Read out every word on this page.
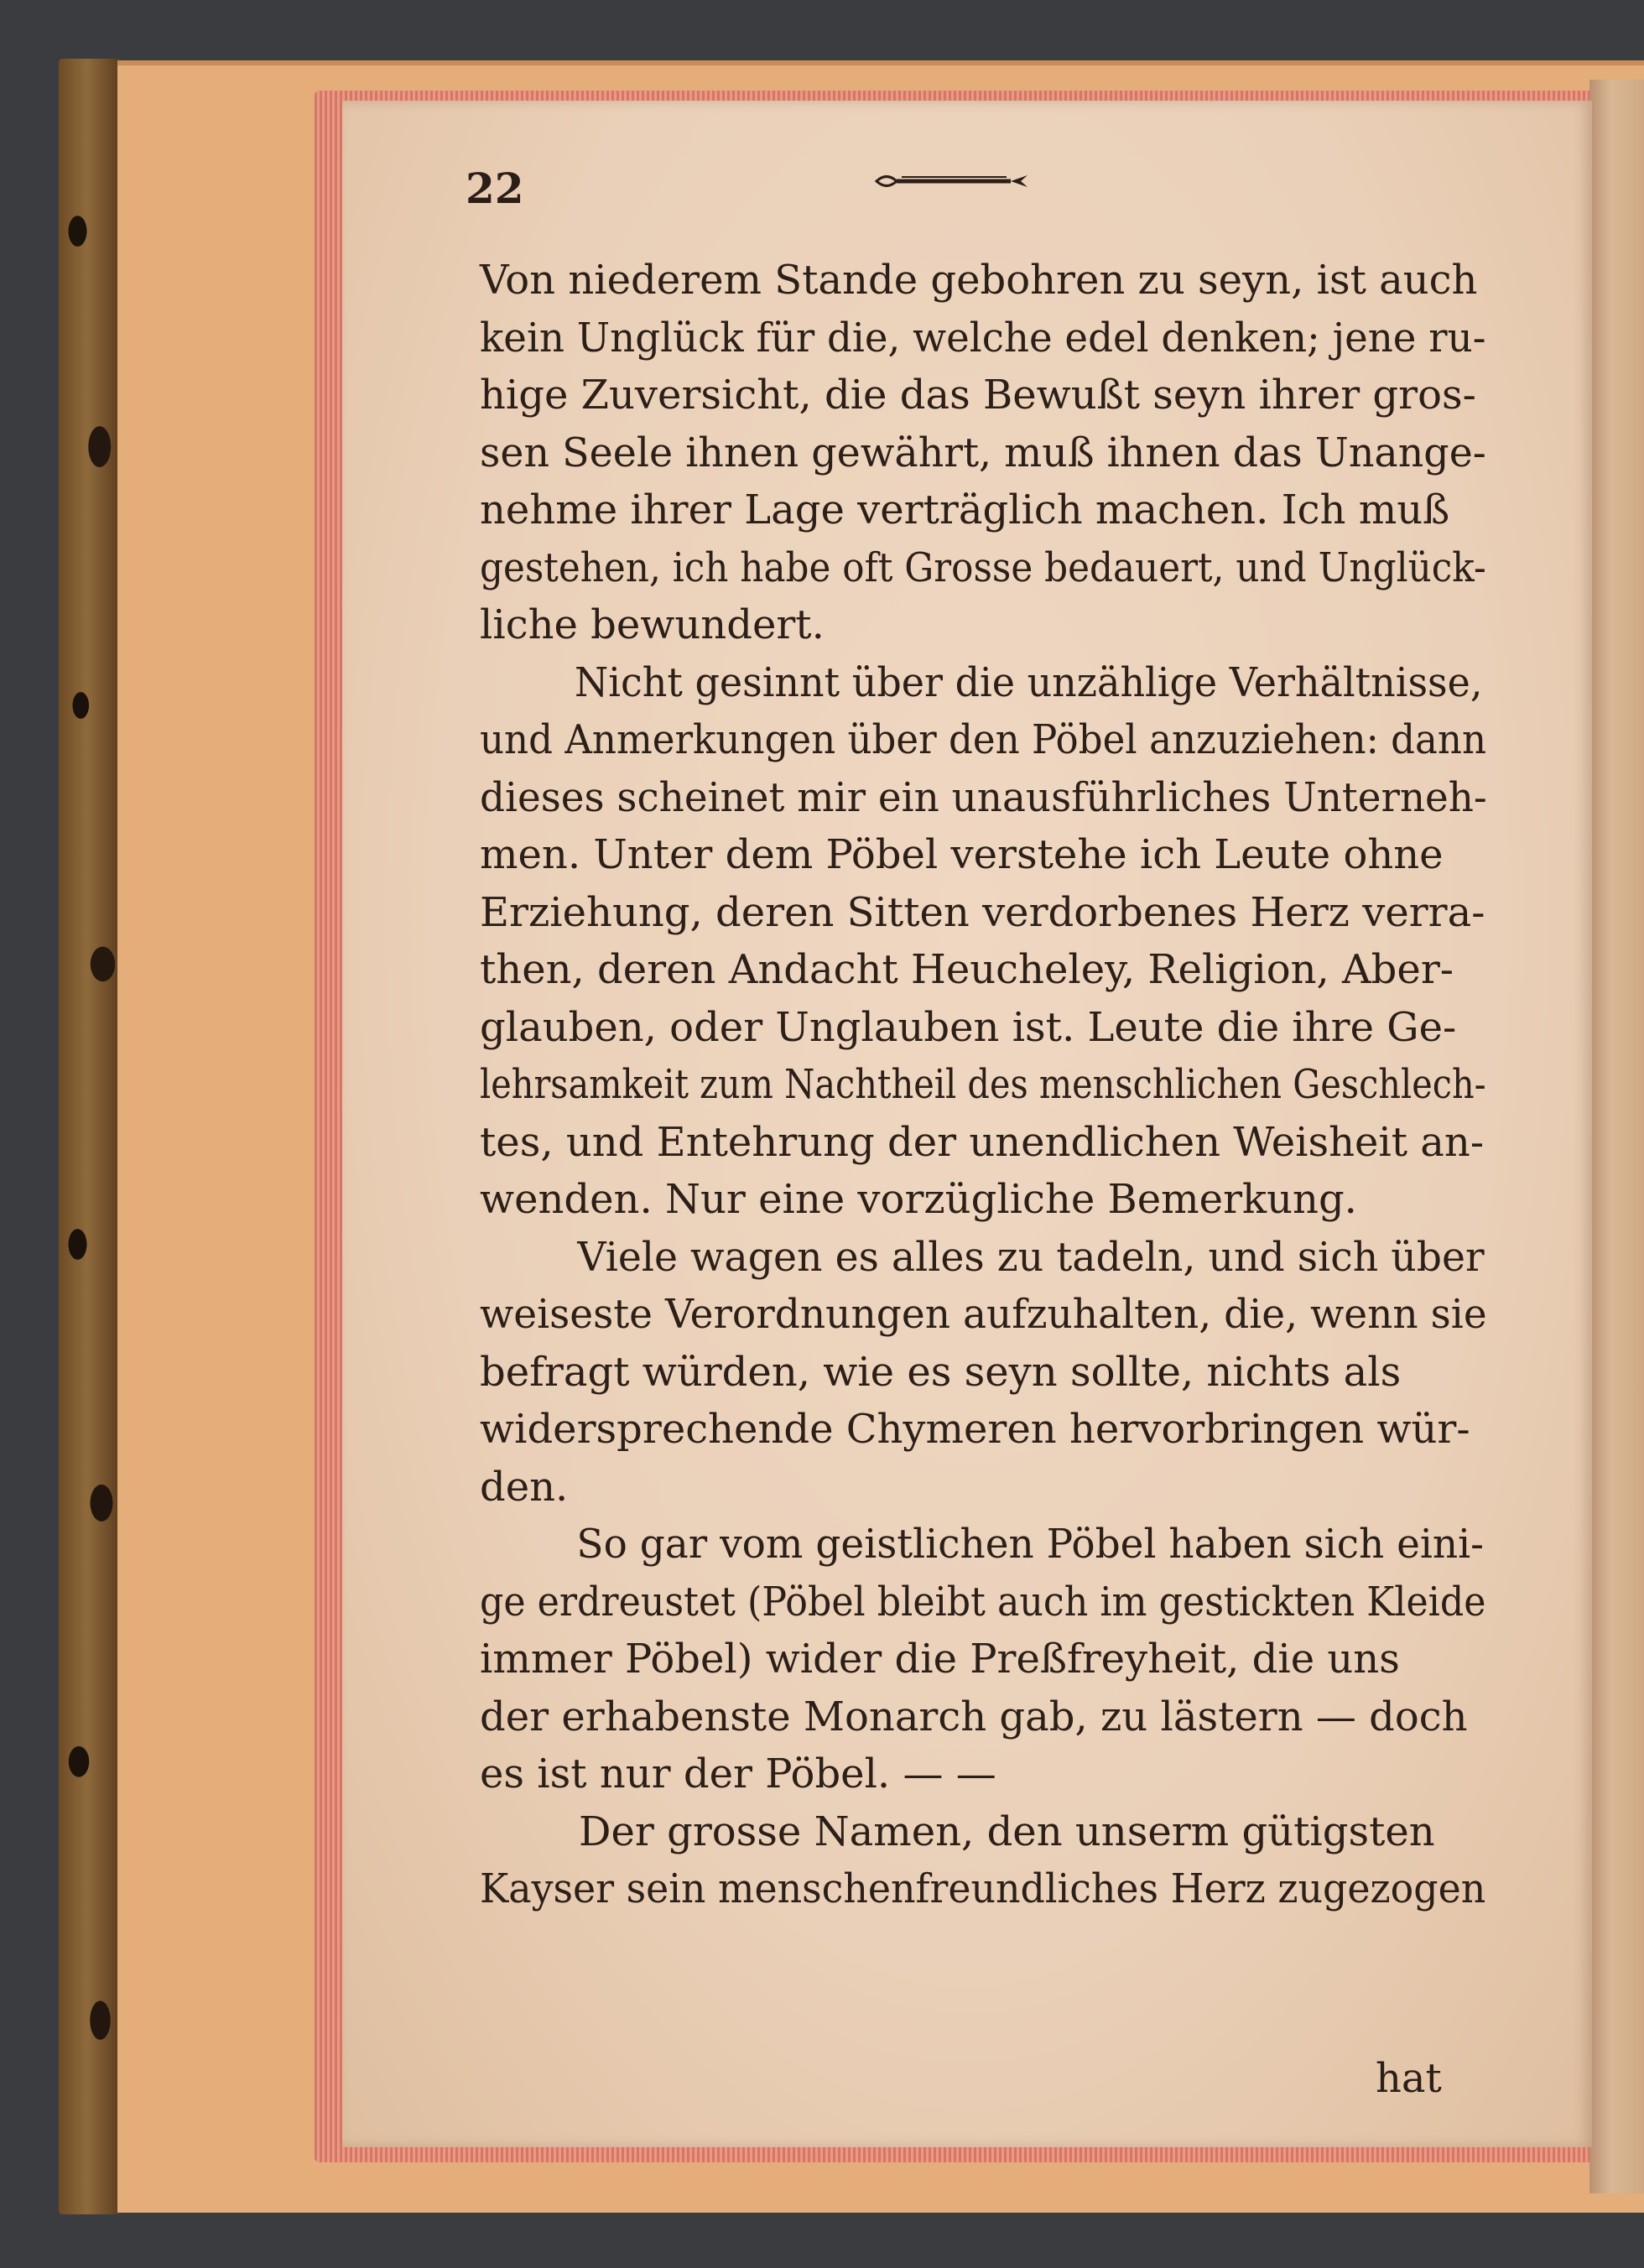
22
Von niederem Stande gebohren zu seyn, ist auch
kein Unglück für die, welche edel denken; jene ru-
hige Zuversicht, die das Bewußt seyn ihrer gros-
sen Seele ihnen gewährt, muß ihnen das Unange-
nehme ihrer Lage verträglich machen. Ich muß
gestehen, ich habe oft Grosse bedauert, und Unglück-
liche bewundert.
Nicht gesinnt über die unzählige Verhältnisse,
und Anmerkungen über den Pöbel anzuziehen: dann
dieses scheinet mir ein unausführliches Unterneh-
men. Unter dem Pöbel verstehe ich Leute ohne
Erziehung, deren Sitten verdorbenes Herz verra-
then, deren Andacht Heucheley, Religion, Aber-
glauben, oder Unglauben ist. Leute die ihre Ge-
lehrsamkeit zum Nachtheil des menschlichen Geschlech-
tes, und Entehrung der unendlichen Weisheit an-
wenden. Nur eine vorzügliche Bemerkung.
Viele wagen es alles zu tadeln, und sich über
weiseste Verordnungen aufzuhalten, die, wenn sie
befragt würden, wie es seyn sollte, nichts als
widersprechende Chymeren hervorbringen wür-
den.
So gar vom geistlichen Pöbel haben sich eini-
ge erdreustet (Pöbel bleibt auch im gestickten Kleide
immer Pöbel) wider die Preßfreyheit, die uns
der erhabenste Monarch gab, zu lästern — doch
es ist nur der Pöbel. — —
Der grosse Namen, den unserm gütigsten
Kayser sein menschenfreundliches Herz zugezogen
hat
